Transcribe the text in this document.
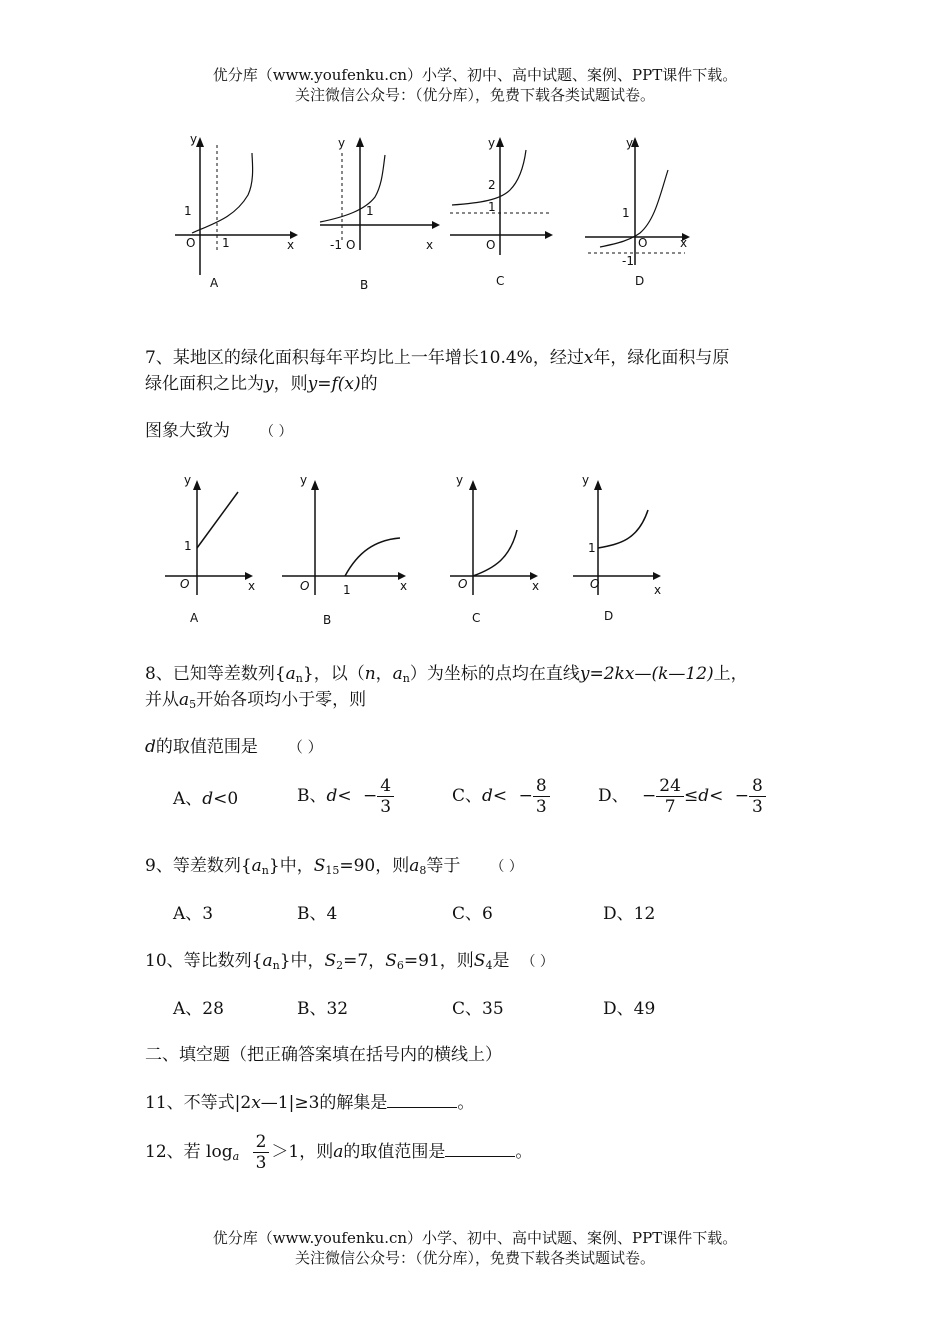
优分库（www.youfenku.cn）小学、初中、高中试题、案例、PPT课件下载。
关注微信公众号：（优分库），免费下载各类试题试卷。
y
x
O
1
1
A
y
x
-1 O
1
B
y
2
1
O
C
y
x
1
O
-1
D
7、某地区的绿化面积每年平均比上一年增长10.4%，经过x年，绿化面积与原
绿化面积之比为y，则y=f(x)的
图象大致为 （ ）
y
x
O
1
A
y
x
O	1
B
y
x
O
C
y
x
O
1
D
8、已知等差数列$\{a_n\}$，以（n，$a_n$）为坐标的点均在直线y=2kx—(k—12)上，
并从$a_5$开始各项均小于零，则
d的取值范围是 （ ）
A、d<0	B、$d< - \frac{4}{3}$	C、$d< - \frac{8}{3}$	D、 − $\frac{24}{7} \le d< - \frac{8}{3}$
9、等差数列$\{a_n\}$中，$S_{15}=90$，则$a_8$等于 （ ）
A、3	B、4	C、6	D、12
10、等比数列$\{a_n\}$中，$S_2=7$，$S_6=91$，则$S_4$是 （ ）
A、28	B、32	C、35	D、49
二、填空题（把正确答案填在括号内的横线上）
11、不等式|2x—1|≥3的解集是	。
12、若 $\log_a \frac{2}{3} >1$，则a的取值范围是	。
优分库（www.youfenku.cn）小学、初中、高中试题、案例、PPT课件下载。
关注微信公众号：（优分库），免费下载各类试题试卷。
